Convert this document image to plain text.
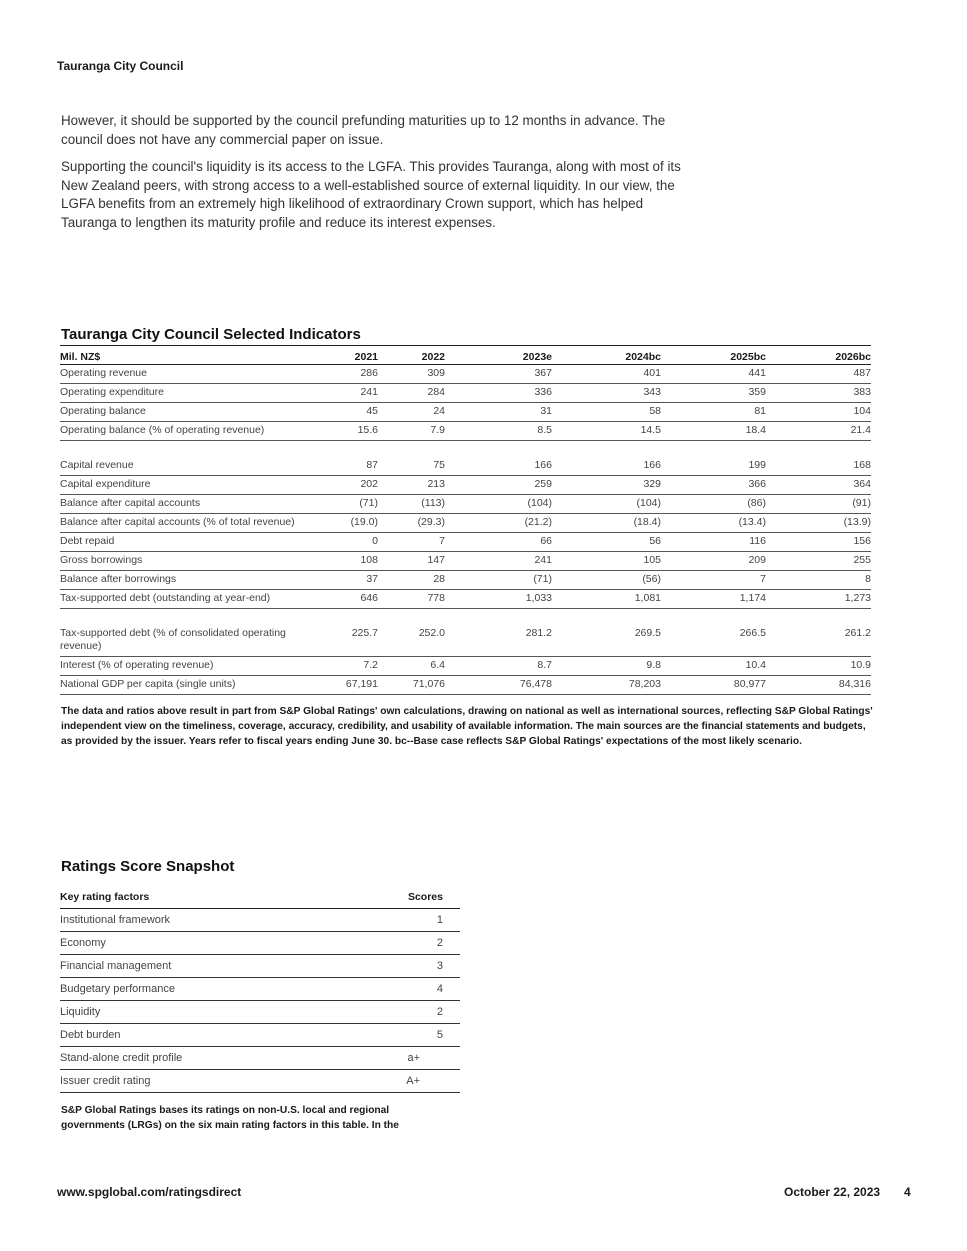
Tauranga City Council

However, it should be supported by the council prefunding maturities up to 12 months in advance. The council does not have any commercial paper on issue.

Supporting the council's liquidity is its access to the LGFA. This provides Tauranga, along with most of its New Zealand peers, with strong access to a well-established source of external liquidity. In our view, the LGFA benefits from an extremely high likelihood of extraordinary Crown support, which has helped Tauranga to lengthen its maturity profile and reduce its interest expenses.

Tauranga City Council Selected Indicators
Mil. NZ$	2021	2022	2023e	2024bc	2025bc	2026bc
Operating revenue	286	309	367	401	441	487
Operating expenditure	241	284	336	343	359	383
Operating balance	45	24	31	58	81	104
Operating balance (% of operating revenue)	15.6	7.9	8.5	14.5	18.4	21.4
Capital revenue	87	75	166	166	199	168
Capital expenditure	202	213	259	329	366	364
Balance after capital accounts	(71)	(113)	(104)	(104)	(86)	(91)
Balance after capital accounts (% of total revenue)	(19.0)	(29.3)	(21.2)	(18.4)	(13.4)	(13.9)
Debt repaid	0	7	66	56	116	156
Gross borrowings	108	147	241	105	209	255
Balance after borrowings	37	28	(71)	(56)	7	8
Tax-supported debt (outstanding at year-end)	646	778	1,033	1,081	1,174	1,273
Tax-supported debt (% of consolidated operating revenue)	225.7	252.0	281.2	269.5	266.5	261.2
Interest (% of operating revenue)	7.2	6.4	8.7	9.8	10.4	10.9
National GDP per capita (single units)	67,191	71,076	76,478	78,203	80,977	84,316

The data and ratios above result in part from S&P Global Ratings' own calculations, drawing on national as well as international sources, reflecting S&P Global Ratings' independent view on the timeliness, coverage, accuracy, credibility, and usability of available information. The main sources are the financial statements and budgets, as provided by the issuer. Years refer to fiscal years ending June 30. bc--Base case reflects S&P Global Ratings' expectations of the most likely scenario.

Ratings Score Snapshot
Key rating factors	Scores
Institutional framework	1
Economy	2
Financial management	3
Budgetary performance	4
Liquidity	2
Debt burden	5
Stand-alone credit profile	a+
Issuer credit rating	A+

S&P Global Ratings bases its ratings on non-U.S. local and regional governments (LRGs) on the six main rating factors in this table. In the

www.spglobal.com/ratingsdirect	October 22, 2023 4
